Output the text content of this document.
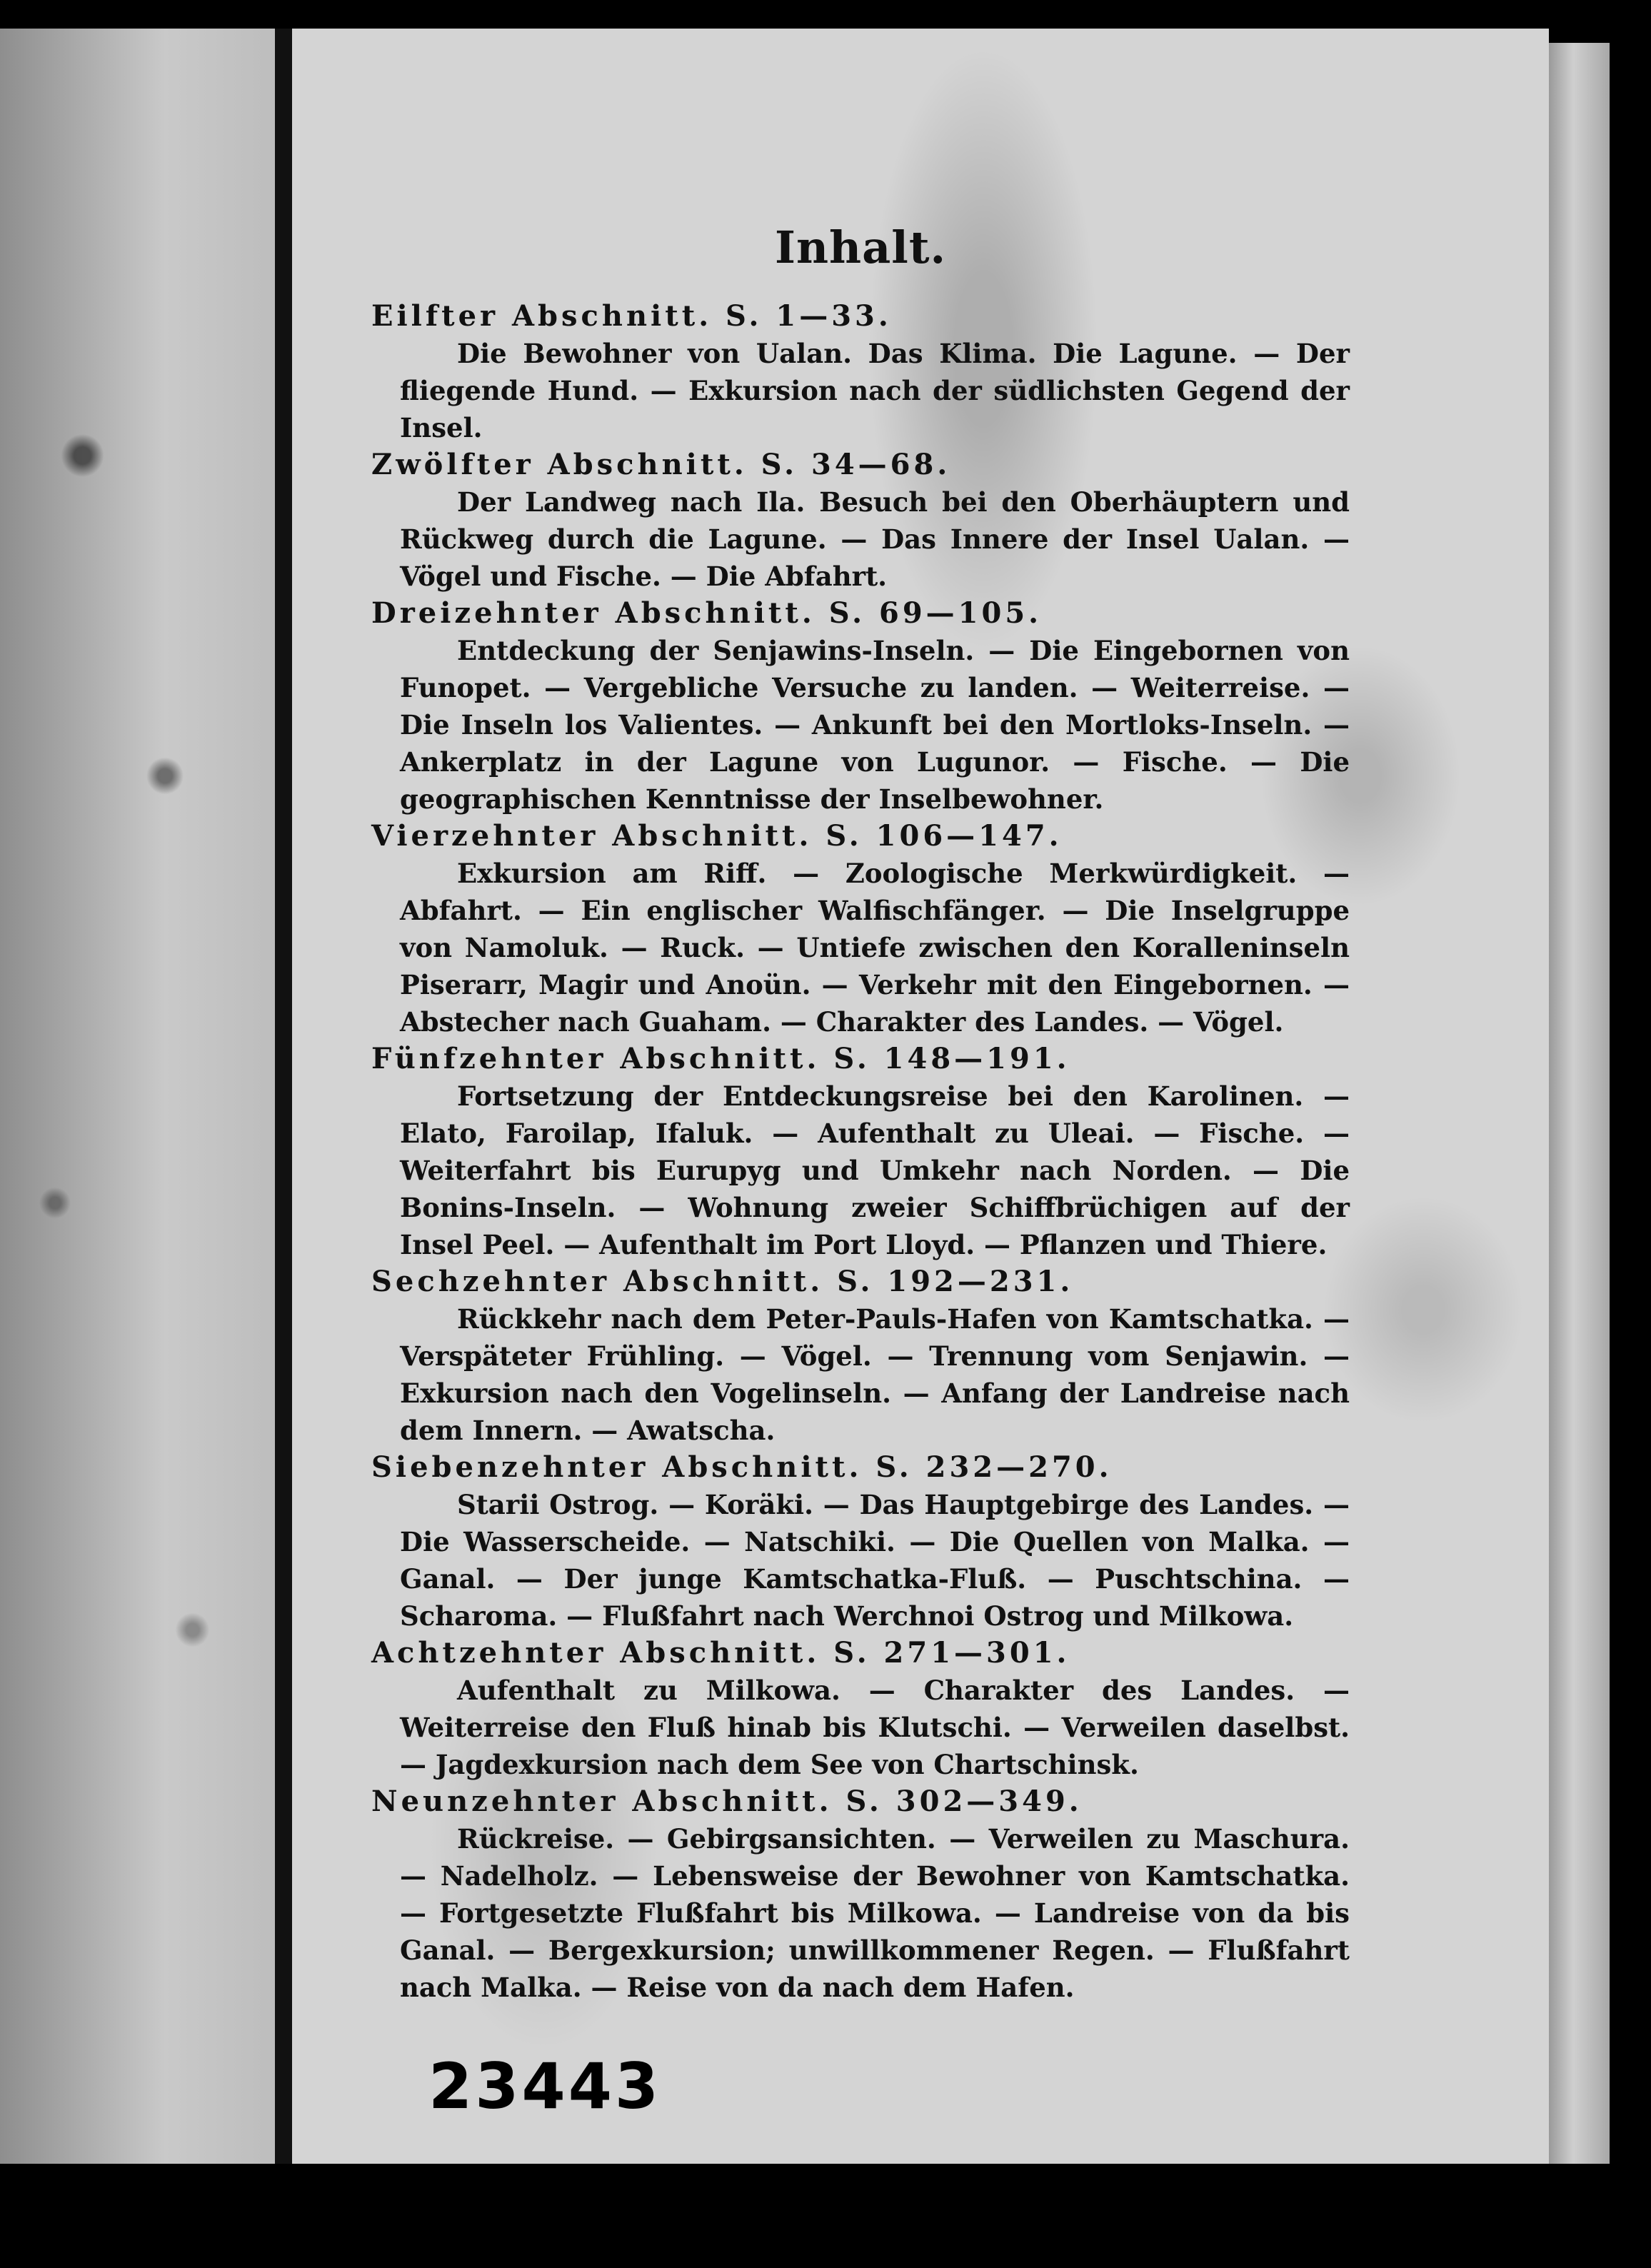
Inhalt.
Eilfter Abschnitt. S. 1—33.
Die Bewohner von Ualan. Das Klima. Die Lagune. — Der fliegende Hund. — Exkursion nach der südlichsten Gegend der Insel.
Zwölfter Abschnitt. S. 34—68.
Der Landweg nach Ila. Besuch bei den Oberhäuptern und Rückweg durch die Lagune. — Das Innere der Insel Ualan. — Vögel und Fische. — Die Abfahrt.
Dreizehnter Abschnitt. S. 69—105.
Entdeckung der Senjawins-Inseln. — Die Eingebornen von Funopet. — Vergebliche Versuche zu landen. — Weiterreise. — Die Inseln los Valientes. — Ankunft bei den Mortloks-Inseln. — Ankerplatz in der Lagune von Lugunor. — Fische. — Die geographischen Kenntnisse der Inselbewohner.
Vierzehnter Abschnitt. S. 106—147.
Exkursion am Riff. — Zoologische Merkwürdigkeit. — Abfahrt. — Ein englischer Walfischfänger. — Die Inselgruppe von Namoluk. — Ruck. — Untiefe zwischen den Koralleninseln Piserarr, Magir und Anoün. — Verkehr mit den Eingebornen. — Abstecher nach Guaham. — Charakter des Landes. — Vögel.
Fünfzehnter Abschnitt. S. 148—191.
Fortsetzung der Entdeckungsreise bei den Karolinen. — Elato, Faroilap, Ifaluk. — Aufenthalt zu Uleai. — Fische. — Weiterfahrt bis Eurupyg und Umkehr nach Norden. — Die Bonins-Inseln. — Wohnung zweier Schiffbrüchigen auf der Insel Peel. — Aufenthalt im Port Lloyd. — Pflanzen und Thiere.
Sechzehnter Abschnitt. S. 192—231.
Rückkehr nach dem Peter-Pauls-Hafen von Kamtschatka. — Verspäteter Frühling. — Vögel. — Trennung vom Senjawin. — Exkursion nach den Vogelinseln. — Anfang der Landreise nach dem Innern. — Awatscha.
Siebenzehnter Abschnitt. S. 232—270.
Starii Ostrog. — Koräki. — Das Hauptgebirge des Landes. — Die Wasserscheide. — Natschiki. — Die Quellen von Malka. — Ganal. — Der junge Kamtschatka-Fluß. — Puschtschina. — Scharoma. — Flußfahrt nach Werchnoi Ostrog und Milkowa.
Achtzehnter Abschnitt. S. 271—301.
Aufenthalt zu Milkowa. — Charakter des Landes. — Weiterreise den Fluß hinab bis Klutschi. — Verweilen daselbst. — Jagdexkursion nach dem See von Chartschinsk.
Neunzehnter Abschnitt. S. 302—349.
Rückreise. — Gebirgsansichten. — Verweilen zu Maschura. — Nadelholz. — Lebensweise der Bewohner von Kamtschatka. — Fortgesetzte Flußfahrt bis Milkowa. — Landreise von da bis Ganal. — Bergexkursion; unwillkommener Regen. — Flußfahrt nach Malka. — Reise von da nach dem Hafen.
23443
